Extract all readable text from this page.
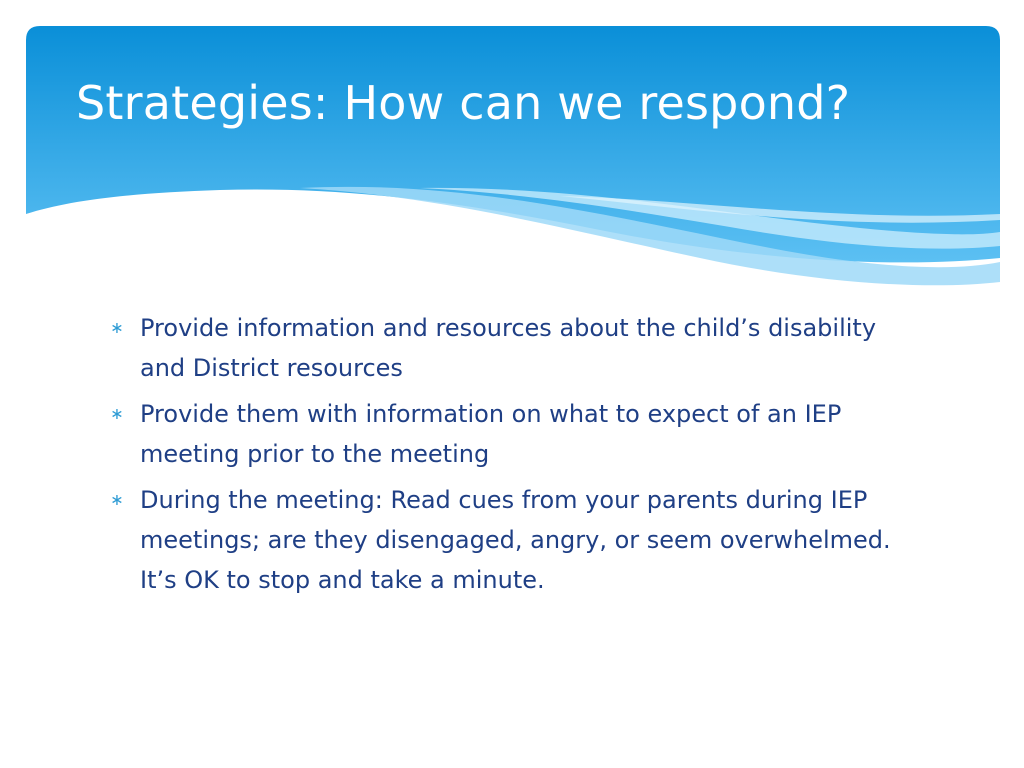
Strategies: How can we respond?
∗ Provide information and resources about the child’s disability and District resources
∗ Provide them with information on what to expect of an IEP meeting prior to the meeting
∗ During the meeting: Read cues from your parents during IEP meetings; are they disengaged, angry, or seem overwhelmed. It’s OK to stop and take a minute.
